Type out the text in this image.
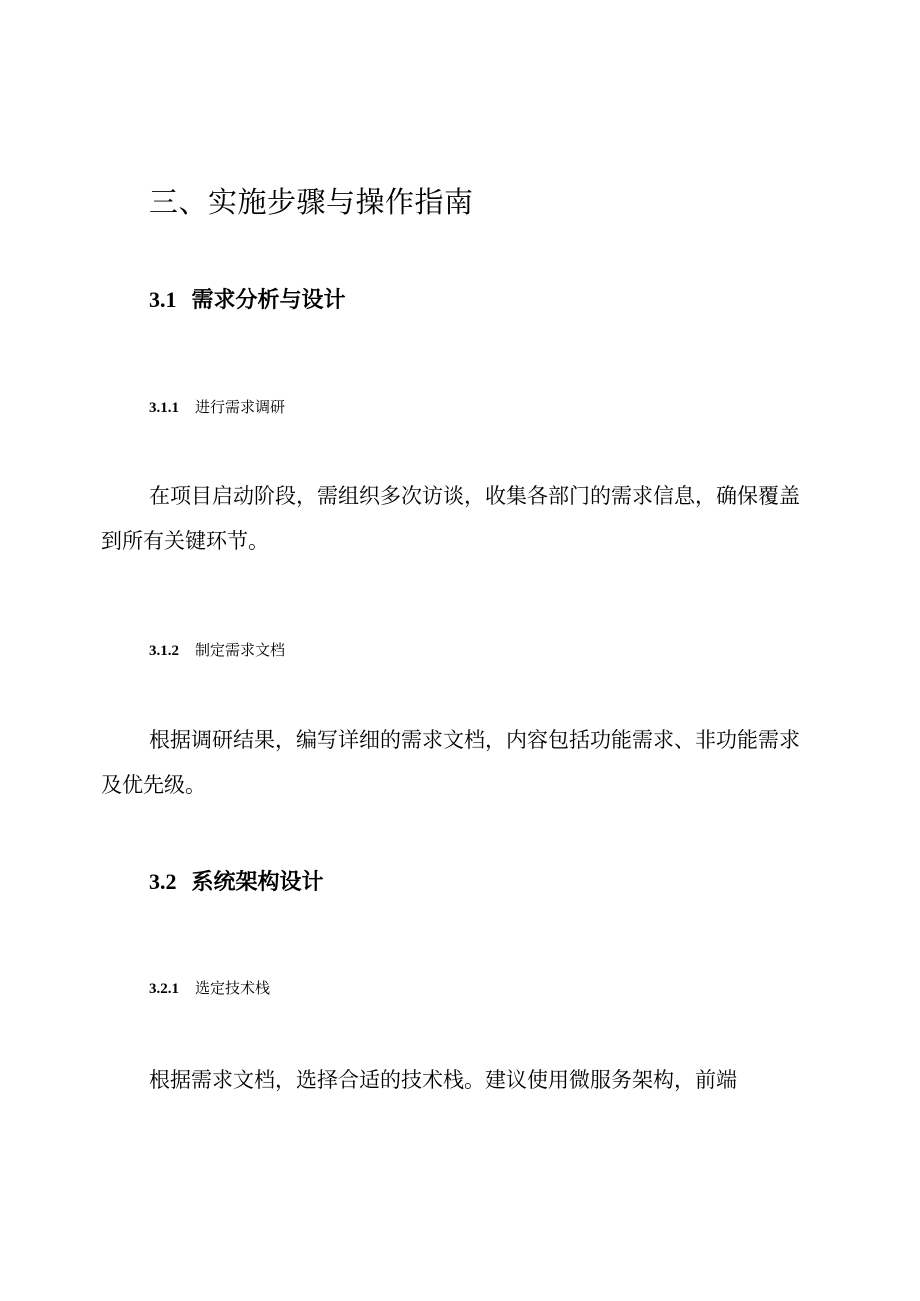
三、实施步骤与操作指南
3.1 需求分析与设计
3.1.1 进行需求调研

在项目启动阶段，需组织多次访谈，收集各部门的需求信息，确保覆盖到所有关键环节。

3.1.2 制定需求文档

根据调研结果，编写详细的需求文档，内容包括功能需求、非功能需求及优先级。

3.2 系统架构设计
3.2.1 选定技术栈

根据需求文档，选择合适的技术栈。建议使用微服务架构，前端
